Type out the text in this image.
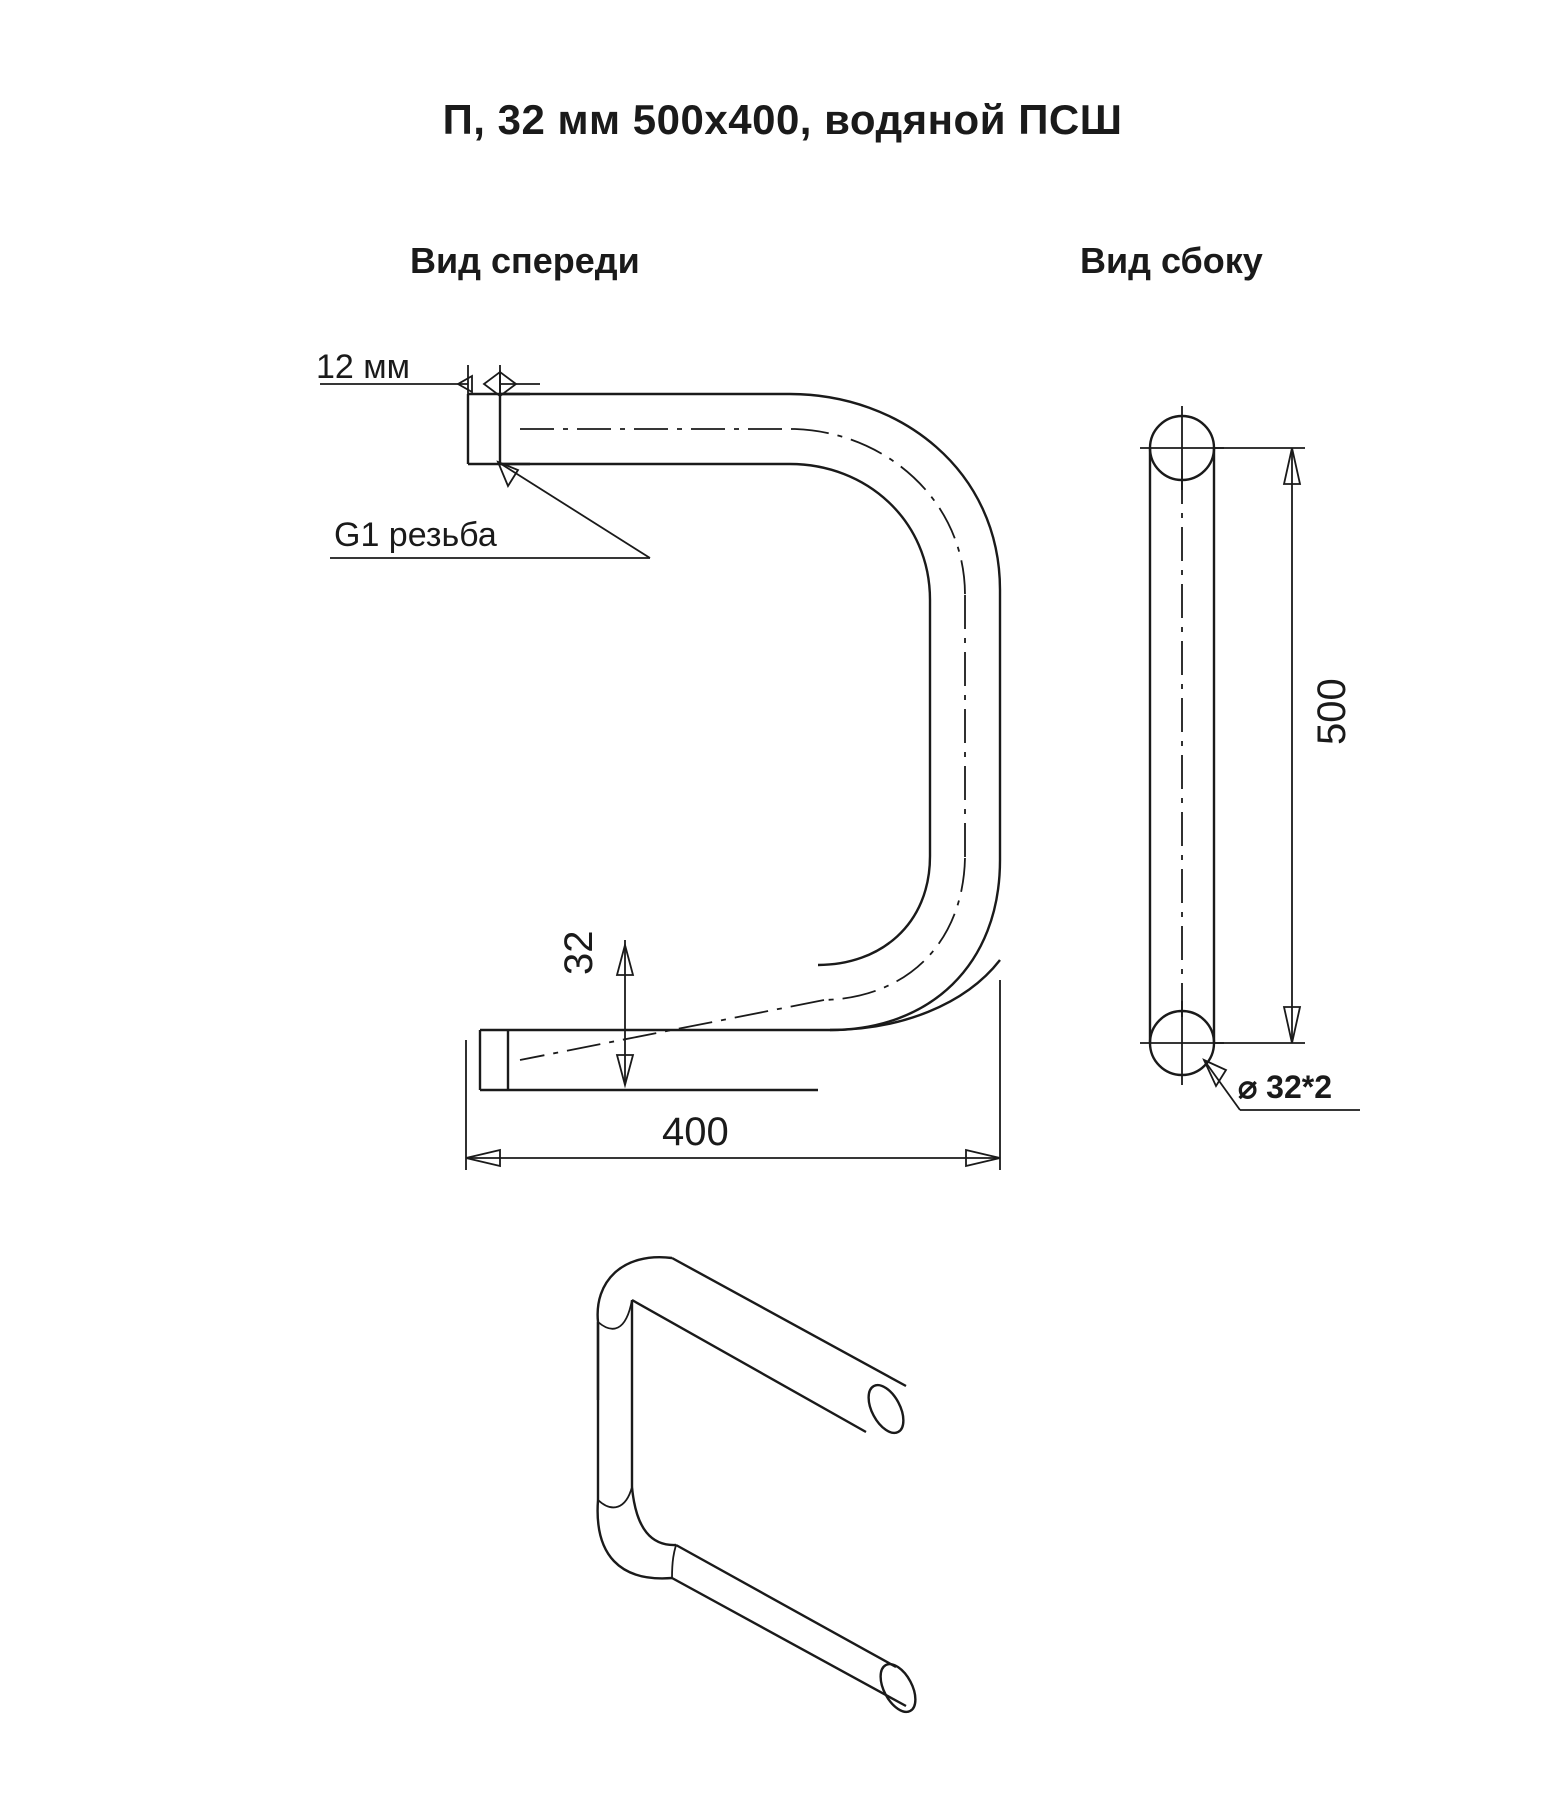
П, 32 мм 500x400, водяной ПСШ
Вид спереди	Вид сбоку
12 мм
G1 резьба
32
400
500
⌀ 32*2
